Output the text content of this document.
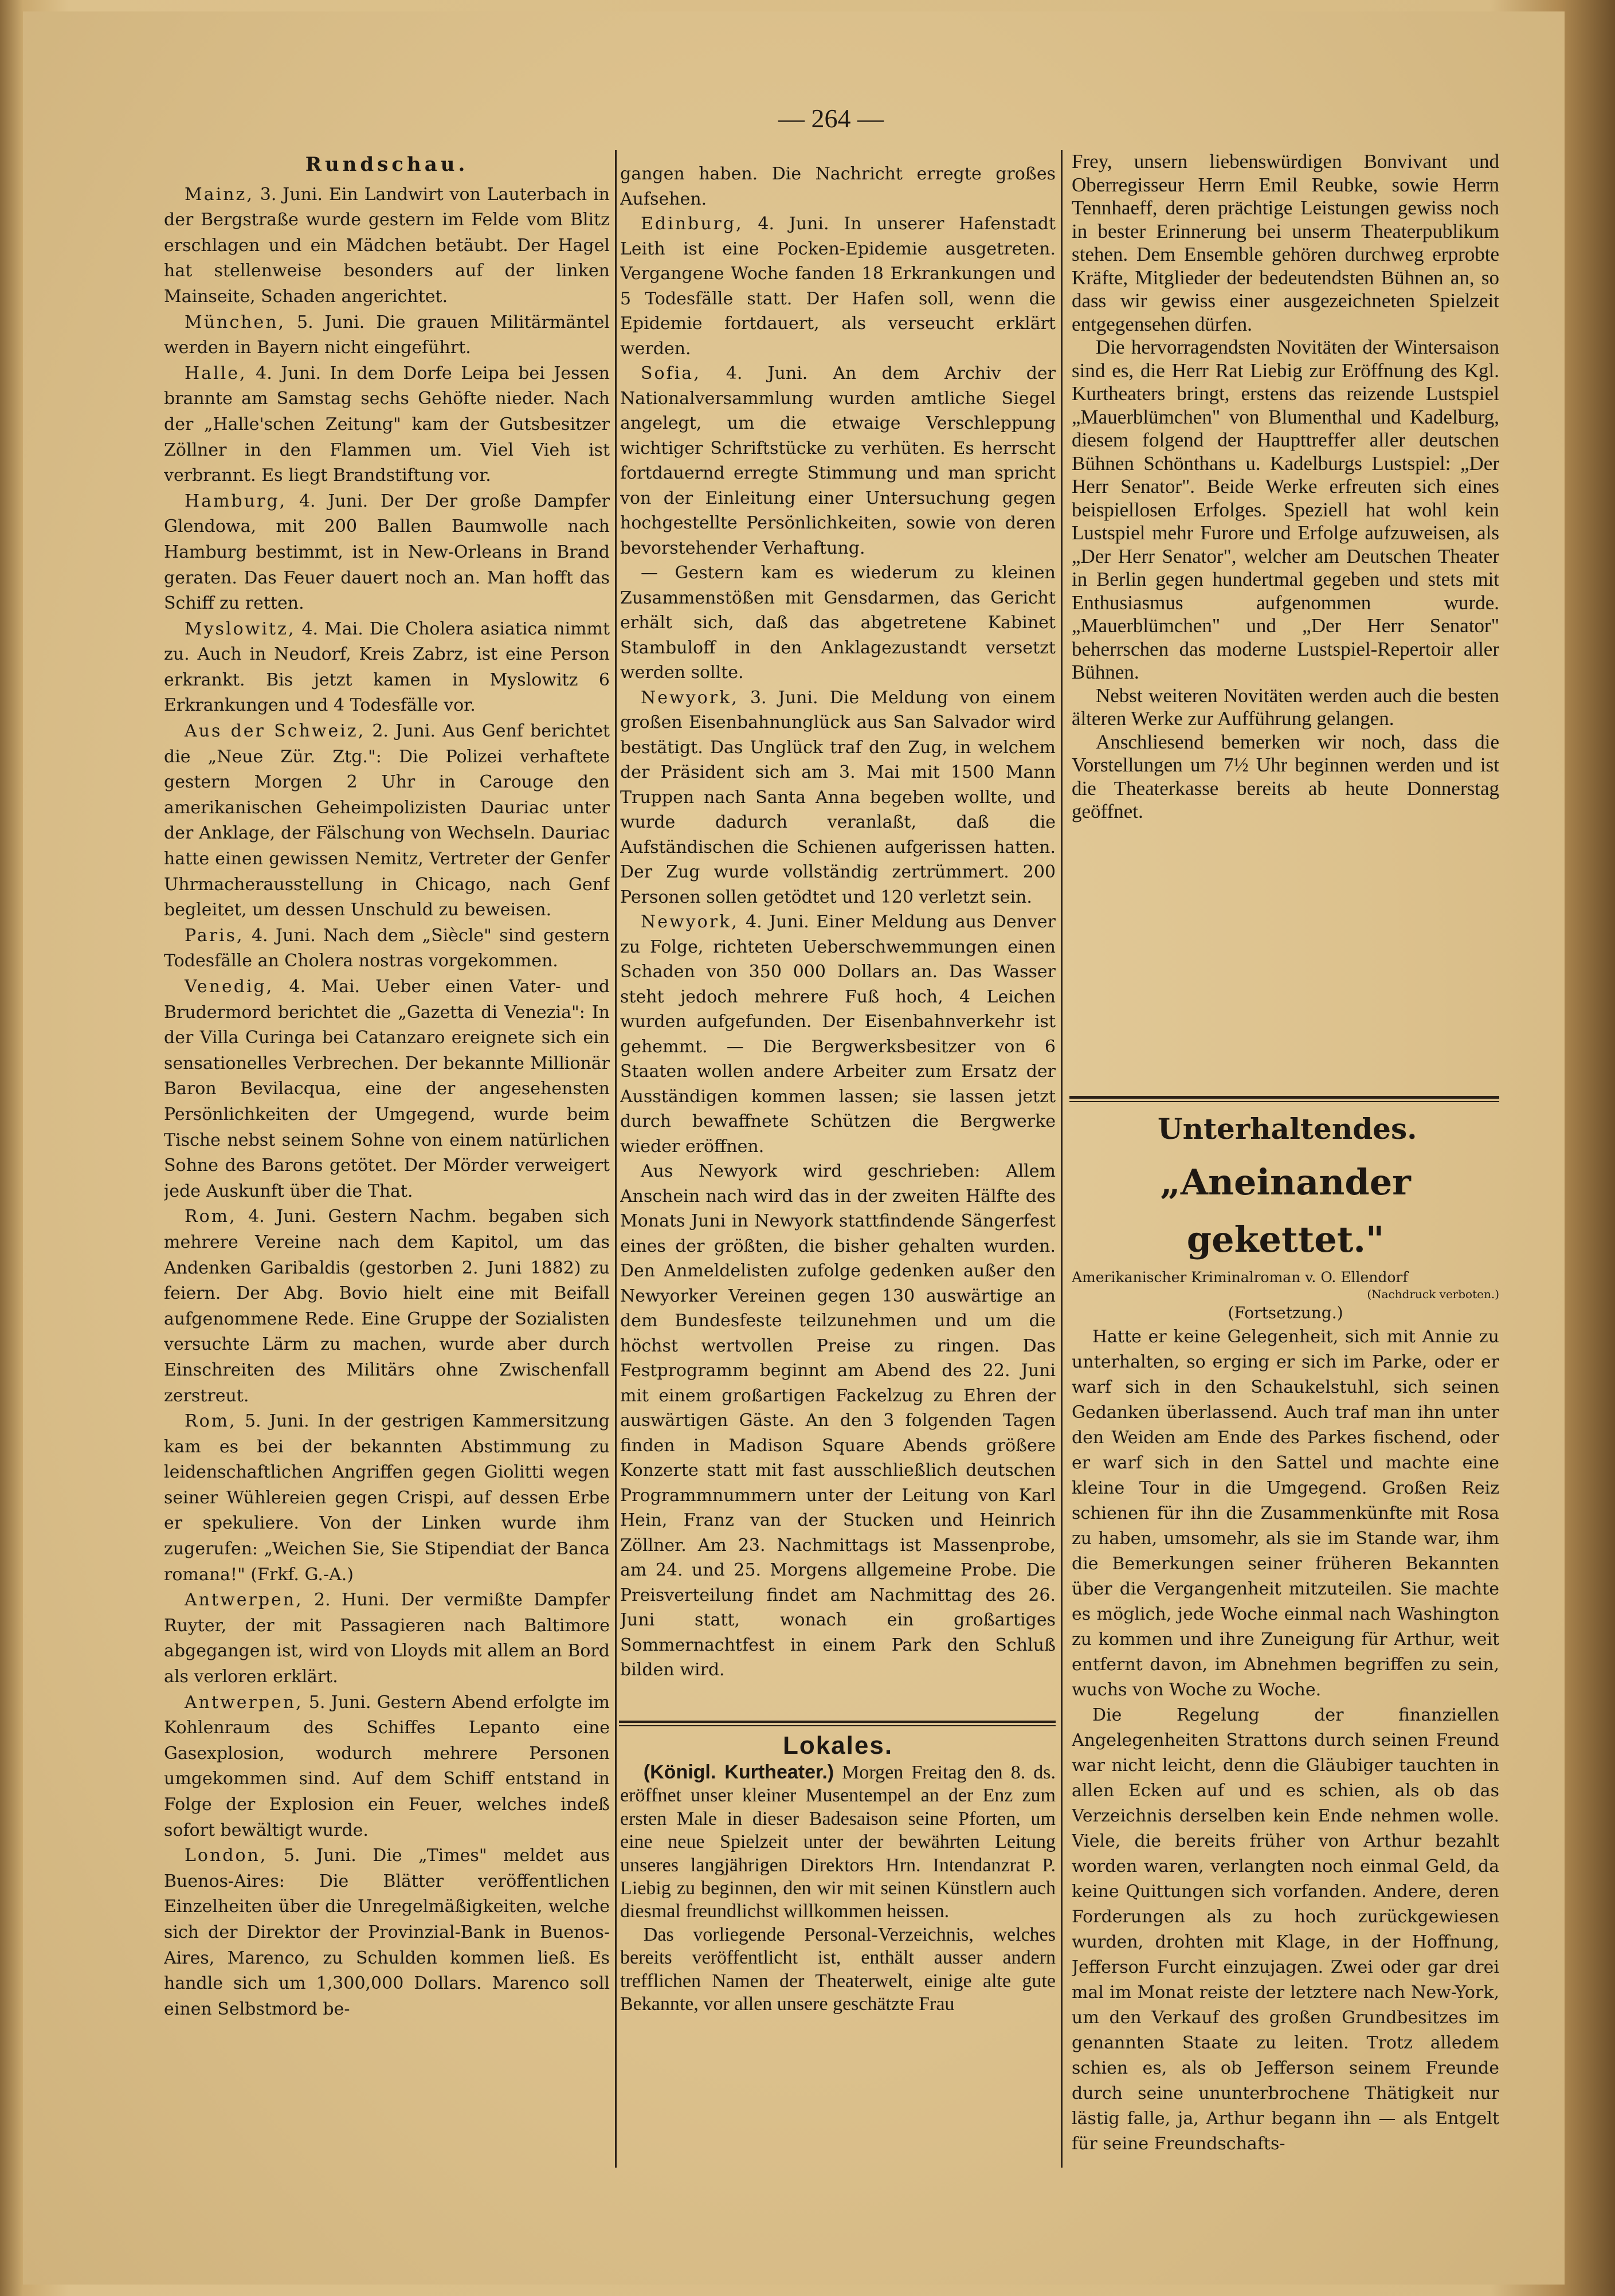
— 264 —
Rundschau.

Mainz, 3. Juni. Ein Landwirt von Lauterbach in der Bergstraße wurde gestern im Felde vom Blitz erschlagen und ein Mädchen betäubt. Der Hagel hat stellenweise besonders auf der linken Mainseite, Schaden angerichtet.

München, 5. Juni. Die grauen Militärmäntel werden in Bayern nicht eingeführt.

Halle, 4. Juni. In dem Dorfe Leipa bei Jessen brannte am Samstag sechs Gehöfte nieder. Nach der „Halle'schen Zeitung" kam der Gutsbesitzer Zöllner in den Flammen um. Viel Vieh ist verbrannt. Es liegt Brandstiftung vor.

Hamburg, 4. Juni. Der Der große Dampfer Glendowa, mit 200 Ballen Baumwolle nach Hamburg bestimmt, ist in New-Orleans in Brand geraten. Das Feuer dauert noch an. Man hofft das Schiff zu retten.

Myslowitz, 4. Mai. Die Cholera asiatica nimmt zu. Auch in Neudorf, Kreis Zabrz, ist eine Person erkrankt. Bis jetzt kamen in Myslowitz 6 Erkrankungen und 4 Todesfälle vor.

Aus der Schweiz, 2. Juni. Aus Genf berichtet die „Neue Zür. Ztg.": Die Polizei verhaftete gestern Morgen 2 Uhr in Carouge den amerikanischen Geheimpolizisten Dauriac unter der Anklage, der Fälschung von Wechseln. Dauriac hatte einen gewissen Nemitz, Vertreter der Genfer Uhrmacherausstellung in Chicago, nach Genf begleitet, um dessen Unschuld zu beweisen.

Paris, 4. Juni. Nach dem „Siècle" sind gestern Todesfälle an Cholera nostras vorgekommen.

Venedig, 4. Mai. Ueber einen Vater- und Brudermord berichtet die „Gazetta di Venezia": In der Villa Curinga bei Catanzaro ereignete sich ein sensationelles Verbrechen. Der bekannte Millionär Baron Bevilacqua, eine der angesehensten Persönlichkeiten der Umgegend, wurde beim Tische nebst seinem Sohne von einem natürlichen Sohne des Barons getötet. Der Mörder verweigert jede Auskunft über die That.

Rom, 4. Juni. Gestern Nachm. begaben sich mehrere Vereine nach dem Kapitol, um das Andenken Garibaldis (gestorben 2. Juni 1882) zu feiern. Der Abg. Bovio hielt eine mit Beifall aufgenommene Rede. Eine Gruppe der Sozialisten versuchte Lärm zu machen, wurde aber durch Einschreiten des Militärs ohne Zwischenfall zerstreut.

Rom, 5. Juni. In der gestrigen Kammersitzung kam es bei der bekannten Abstimmung zu leidenschaftlichen Angriffen gegen Giolitti wegen seiner Wühlereien gegen Crispi, auf dessen Erbe er spekuliere. Von der Linken wurde ihm zugerufen: „Weichen Sie, Sie Stipendiat der Banca romana!" (Frkf. G.-A.)

Antwerpen, 2. Huni. Der vermißte Dampfer Ruyter, der mit Passagieren nach Baltimore abgegangen ist, wird von Lloyds mit allem an Bord als verloren erklärt.

Antwerpen, 5. Juni. Gestern Abend erfolgte im Kohlenraum des Schiffes Lepanto eine Gasexplosion, wodurch mehrere Personen umgekommen sind. Auf dem Schiff entstand in Folge der Explosion ein Feuer, welches indeß sofort bewältigt wurde.

London, 5. Juni. Die „Times" meldet aus Buenos-Aires: Die Blätter veröffentlichen Einzelheiten über die Unregelmäßigkeiten, welche sich der Direktor der Provinzial-Bank in Buenos-Aires, Marenco, zu Schulden kommen ließ. Es handle sich um 1,300,000 Dollars. Marenco soll einen Selbstmord be-

gangen haben. Die Nachricht erregte großes Aufsehen.

Edinburg, 4. Juni. In unserer Hafenstadt Leith ist eine Pocken-Epidemie ausgetreten. Vergangene Woche fanden 18 Erkrankungen und 5 Todesfälle statt. Der Hafen soll, wenn die Epidemie fortdauert, als verseucht erklärt werden.

Sofia, 4. Juni. An dem Archiv der Nationalversammlung wurden amtliche Siegel angelegt, um die etwaige Verschleppung wichtiger Schriftstücke zu verhüten. Es herrscht fortdauernd erregte Stimmung und man spricht von der Einleitung einer Untersuchung gegen hochgestellte Persönlichkeiten, sowie von deren bevorstehender Verhaftung.

— Gestern kam es wiederum zu kleinen Zusammenstößen mit Gensdarmen, das Gericht erhält sich, daß das abgetretene Kabinet Stambuloff in den Anklagezustandt versetzt werden sollte.

Newyork, 3. Juni. Die Meldung von einem großen Eisenbahnunglück aus San Salvador wird bestätigt. Das Unglück traf den Zug, in welchem der Präsident sich am 3. Mai mit 1500 Mann Truppen nach Santa Anna begeben wollte, und wurde dadurch veranlaßt, daß die Aufständischen die Schienen aufgerissen hatten. Der Zug wurde vollständig zertrümmert. 200 Personen sollen getödtet und 120 verletzt sein.

Newyork, 4. Juni. Einer Meldung aus Denver zu Folge, richteten Ueberschwemmungen einen Schaden von 350 000 Dollars an. Das Wasser steht jedoch mehrere Fuß hoch, 4 Leichen wurden aufgefunden. Der Eisenbahnverkehr ist gehemmt. — Die Bergwerksbesitzer von 6 Staaten wollen andere Arbeiter zum Ersatz der Ausständigen kommen lassen; sie lassen jetzt durch bewaffnete Schützen die Bergwerke wieder eröffnen.

Aus Newyork wird geschrieben: Allem Anschein nach wird das in der zweiten Hälfte des Monats Juni in Newyork stattfindende Sängerfest eines der größten, die bisher gehalten wurden. Den Anmeldelisten zufolge gedenken außer den Newyorker Vereinen gegen 130 auswärtige an dem Bundesfeste teilzunehmen und um die höchst wertvollen Preise zu ringen. Das Festprogramm beginnt am Abend des 22. Juni mit einem großartigen Fackelzug zu Ehren der auswärtigen Gäste. An den 3 folgenden Tagen finden in Madison Square Abends größere Konzerte statt mit fast ausschließlich deutschen Programmnummern unter der Leitung von Karl Hein, Franz van der Stucken und Heinrich Zöllner. Am 23. Nachmittags ist Massenprobe, am 24. und 25. Morgens allgemeine Probe. Die Preisverteilung findet am Nachmittag des 26. Juni statt, wonach ein großartiges Sommernachtfest in einem Park den Schluß bilden wird.

Lokales.

(Königl. Kurtheater.) Morgen Freitag den 8. ds. eröffnet unser kleiner Musentempel an der Enz zum ersten Male in dieser Badesaison seine Pforten, um eine neue Spielzeit unter der bewährten Leitung unseres langjährigen Direktors Hrn. Intendanzrat P. Liebig zu beginnen, den wir mit seinen Künstlern auch diesmal freundlichst willkommen heissen.

Das vorliegende Personal-Verzeichnis, welches bereits veröffentlicht ist, enthält ausser andern trefflichen Namen der Theaterwelt, einige alte gute Bekannte, vor allen unsere geschätzte Frau

Frey, unsern liebenswürdigen Bonvivant und Oberregisseur Herrn Emil Reubke, sowie Herrn Tennhaeff, deren prächtige Leistungen gewiss noch in bester Erinnerung bei unserm Theaterpublikum stehen. Dem Ensemble gehören durchweg erprobte Kräfte, Mitglieder der bedeutendsten Bühnen an, so dass wir gewiss einer ausgezeichneten Spielzeit entgegensehen dürfen.

Die hervorragendsten Novitäten der Wintersaison sind es, die Herr Rat Liebig zur Eröffnung des Kgl. Kurtheaters bringt, erstens das reizende Lustspiel „Mauerblümchen" von Blumenthal und Kadelburg, diesem folgend der Haupttreffer aller deutschen Bühnen Schönthans u. Kadelburgs Lustspiel: „Der Herr Senator". Beide Werke erfreuten sich eines beispiellosen Erfolges. Speziell hat wohl kein Lustspiel mehr Furore und Erfolge aufzuweisen, als „Der Herr Senator", welcher am Deutschen Theater in Berlin gegen hundertmal gegeben und stets mit Enthusiasmus aufgenommen wurde. „Mauerblümchen" und „Der Herr Senator" beherrschen das moderne Lustspiel-Repertoir aller Bühnen.

Nebst weiteren Novitäten werden auch die besten älteren Werke zur Aufführung gelangen.

Anschliesend bemerken wir noch, dass die Vorstellungen um 7½ Uhr beginnen werden und ist die Theaterkasse bereits ab heute Donnerstag geöffnet.

Unterhaltendes.
„Aneinander gekettet."
Amerikanischer Kriminalroman v. O. Ellendorf
(Nachdruck verboten.)
(Fortsetzung.)

Hatte er keine Gelegenheit, sich mit Annie zu unterhalten, so erging er sich im Parke, oder er warf sich in den Schaukelstuhl, sich seinen Gedanken überlassend. Auch traf man ihn unter den Weiden am Ende des Parkes fischend, oder er warf sich in den Sattel und machte eine kleine Tour in die Umgegend. Großen Reiz schienen für ihn die Zusammenkünfte mit Rosa zu haben, umsomehr, als sie im Stande war, ihm die Bemerkungen seiner früheren Bekannten über die Vergangenheit mitzuteilen. Sie machte es möglich, jede Woche einmal nach Washington zu kommen und ihre Zuneigung für Arthur, weit entfernt davon, im Abnehmen begriffen zu sein, wuchs von Woche zu Woche.

Die Regelung der finanziellen Angelegenheiten Strattons durch seinen Freund war nicht leicht, denn die Gläubiger tauchten in allen Ecken auf und es schien, als ob das Verzeichnis derselben kein Ende nehmen wolle. Viele, die bereits früher von Arthur bezahlt worden waren, verlangten noch einmal Geld, da keine Quittungen sich vorfanden. Andere, deren Forderungen als zu hoch zurückgewiesen wurden, drohten mit Klage, in der Hoffnung, Jefferson Furcht einzujagen. Zwei oder gar drei mal im Monat reiste der letztere nach New-York, um den Verkauf des großen Grundbesitzes im genannten Staate zu leiten. Trotz alledem schien es, als ob Jefferson seinem Freunde durch seine ununterbrochene Thätigkeit nur lästig falle, ja, Arthur begann ihn — als Entgelt für seine Freundschafts-
